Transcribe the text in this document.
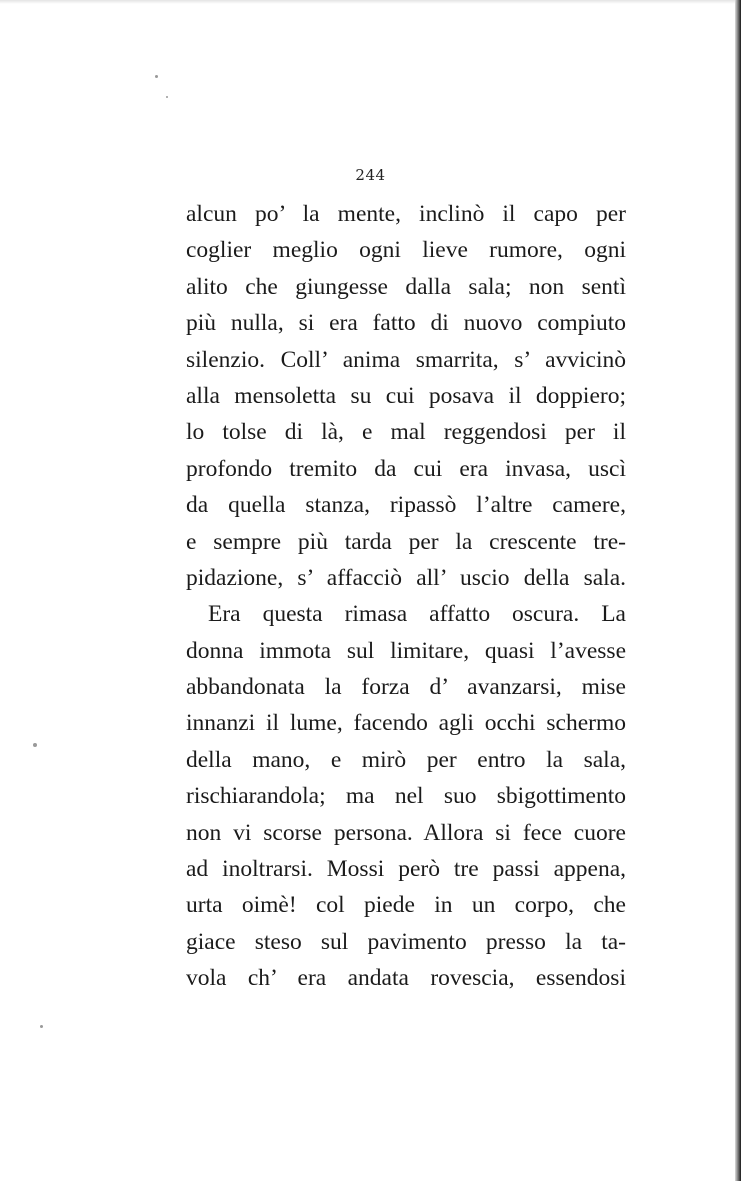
244
alcun po’ la mente, inclinò il capo per
coglier meglio ogni lieve rumore, ogni
alito che giungesse dalla sala; non sentì
più nulla, si era fatto di nuovo compiuto
silenzio. Coll’ anima smarrita, s’ avvicinò
alla mensoletta su cui posava il doppiero;
lo tolse di là, e mal reggendosi per il
profondo tremito da cui era invasa, uscì
da quella stanza, ripassò l’altre camere,
e sempre più tarda per la crescente tre-
pidazione, s’ affacciò all’ uscio della sala.
Era questa rimasa affatto oscura. La
donna immota sul limitare, quasi l’avesse
abbandonata la forza d’ avanzarsi, mise
innanzi il lume, facendo agli occhi schermo
della mano, e mirò per entro la sala,
rischiarandola; ma nel suo sbigottimento
non vi scorse persona. Allora si fece cuore
ad inoltrarsi. Mossi però tre passi appena,
urta oimè! col piede in un corpo, che
giace steso sul pavimento presso la ta-
vola ch’ era andata rovescia, essendosi
